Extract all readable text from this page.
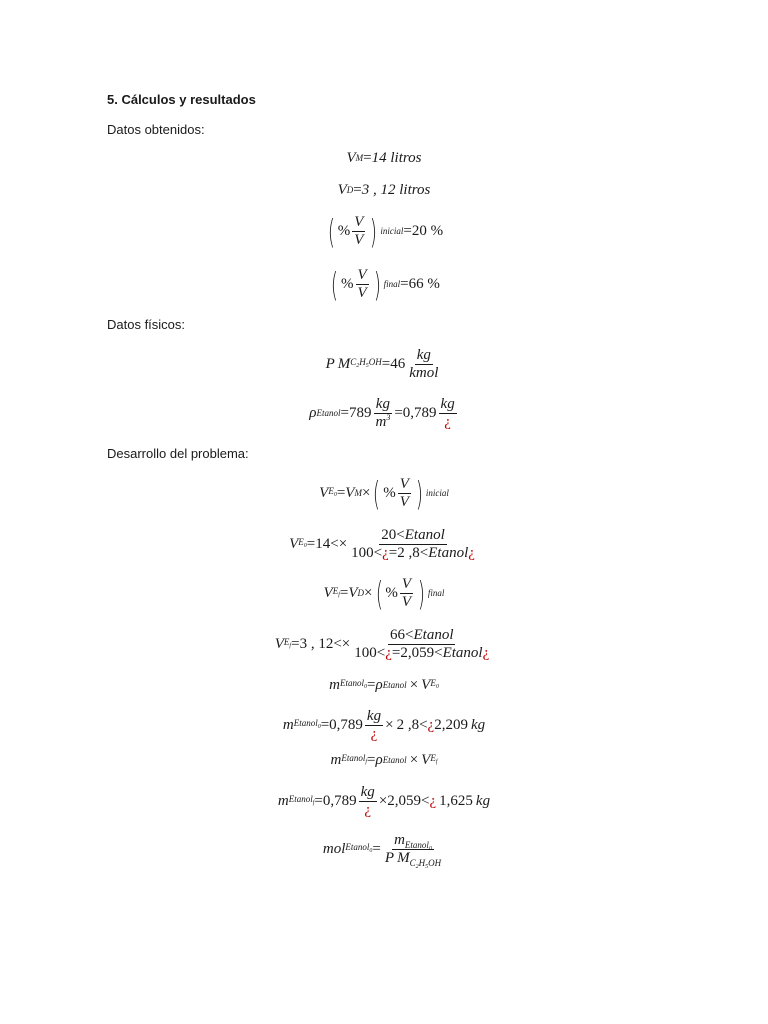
5. Cálculos y resultados
Datos obtenidos:
V M = 14 litros
V D = 3 , 12 litros
( % $\frac{V}{V}$ ) inicial = 20 %
( % $\frac{V}{V}$ ) final = 66 %
Datos físicos:
P M $C_2H_5OH = 46 \frac{kg}{\text{kmol}}$
ρ Etanol = $789 \frac{kg}{m^3} = 0,789 \frac{kg}{¿}$
Desarrollo del problema:
V $E_0 = V$ M × ( % $\frac{V}{V}$ ) inicial
V $E_0 = 14$ < × $\frac{\text{20<Etanol}}{\text{100<¿=2 ,8<Etanol¿}}$
V $E_f = V$ D × ( % $\frac{V}{V}$ ) final
V $E_f = 3$ , 12 < × $\frac{\text{66<Etanol}}{\text{100<¿=2,059<Etanol¿}}$
m Etanol$_0$ = ρ Etanol × V $E_0$
m Etanol$_0$ = $0,789 \frac{kg}{¿} \times 2$ ,8 < ¿ 2,209 kg
m Etanol$_f$ = ρ Etanol × V $E_f$
m Etanol$_f$ = $0,789 \frac{kg}{¿} \times 2,059$ < ¿ 1,625 kg
mol Etanol$_0$ = $\frac{m_{Etanol_0}}{P M_{C_2H_5OH}}$
